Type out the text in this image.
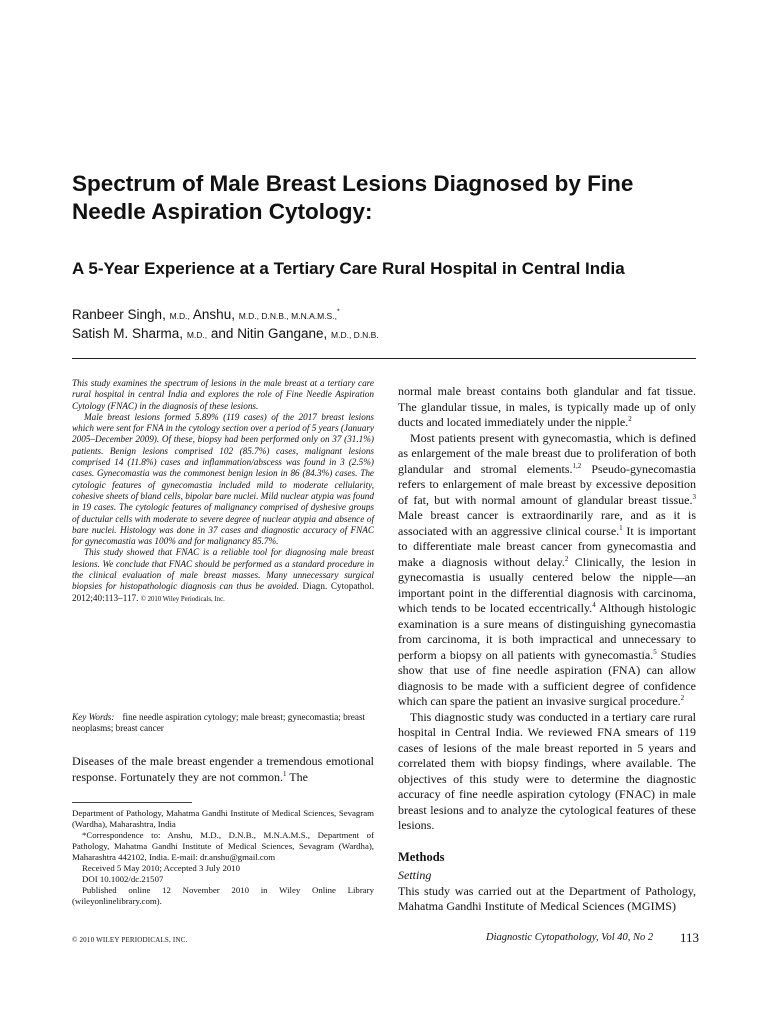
Spectrum of Male Breast Lesions Diagnosed by Fine Needle Aspiration Cytology:
A 5-Year Experience at a Tertiary Care Rural Hospital in Central India
Ranbeer Singh, M.D., Anshu, M.D., D.N.B., M.N.A.M.S.,*
Satish M. Sharma, M.D., and Nitin Gangane, M.D., D.N.B.

This study examines the spectrum of lesions in the male breast at a tertiary care rural hospital in central India and explores the role of Fine Needle Aspiration Cytology (FNAC) in the diagnosis of these lesions.

Male breast lesions formed 5.89% (119 cases) of the 2017 breast lesions which were sent for FNA in the cytology section over a period of 5 years (January 2005–December 2009). Of these, biopsy had been performed only on 37 (31.1%) patients. Benign lesions comprised 102 (85.7%) cases, malignant lesions comprised 14 (11.8%) cases and inflammation/abscess was found in 3 (2.5%) cases. Gynecomastia was the commonest benign lesion in 86 (84.3%) cases. The cytologic features of gynecomastia included mild to moderate cellularity, cohesive sheets of bland cells, bipolar bare nuclei. Mild nuclear atypia was found in 19 cases. The cytologic features of malignancy comprised of dyshesive groups of ductular cells with moderate to severe degree of nuclear atypia and absence of bare nuclei. Histology was done in 37 cases and diagnostic accuracy of FNAC for gynecomastia was 100% and for malignancy 85.7%.

This study showed that FNAC is a reliable tool for diagnosing male breast lesions. We conclude that FNAC should be performed as a standard procedure in the clinical evaluation of male breast masses. Many unnecessary surgical biopsies for histopathologic diagnosis can thus be avoided. Diagn. Cytopathol. 2012;40:113–117. © 2010 Wiley Periodicals, Inc.

Key Words: fine needle aspiration cytology; male breast; gynecomastia; breast neoplasms; breast cancer

Diseases of the male breast engender a tremendous emotional response. Fortunately they are not common.$^1$ The

Department of Pathology, Mahatma Gandhi Institute of Medical Sciences, Sevagram (Wardha), Maharashtra, India

*Correspondence to: Anshu, M.D., D.N.B., M.N.A.M.S., Department of Pathology, Mahatma Gandhi Institute of Medical Sciences, Sevagram (Wardha), Maharashtra 442102, India. E-mail: dr.anshu@gmail.com

Received 5 May 2010; Accepted 3 July 2010

DOI 10.1002/dc.21507

Published online 12 November 2010 in Wiley Online Library (wileyonlinelibrary.com).

normal male breast contains both glandular and fat tissue. The glandular tissue, in males, is typically made up of only ducts and located immediately under the nipple.$^2$

Most patients present with gynecomastia, which is defined as enlargement of the male breast due to proliferation of both glandular and stromal elements.$^{1,2}$ Pseudo-gynecomastia refers to enlargement of male breast by excessive deposition of fat, but with normal amount of glandular breast tissue.$^3$ Male breast cancer is extraordinarily rare, and as it is associated with an aggressive clinical course.$^1$ It is important to differentiate male breast cancer from gynecomastia and make a diagnosis without delay.$^2$ Clinically, the lesion in gynecomastia is usually centered below the nipple—an important point in the differential diagnosis with carcinoma, which tends to be located eccentrically.$^4$ Although histologic examination is a sure means of distinguishing gynecomastia from carcinoma, it is both impractical and unnecessary to perform a biopsy on all patients with gynecomastia.$^5$ Studies show that use of fine needle aspiration (FNA) can allow diagnosis to be made with a sufficient degree of confidence which can spare the patient an invasive surgical procedure.$^2$

This diagnostic study was conducted in a tertiary care rural hospital in Central India. We reviewed FNA smears of 119 cases of lesions of the male breast reported in 5 years and correlated them with biopsy findings, where available. The objectives of this study were to determine the diagnostic accuracy of fine needle aspiration cytology (FNAC) in male breast lesions and to analyze the cytological features of these lesions.

Methods

Setting

This study was carried out at the Department of Pathology, Mahatma Gandhi Institute of Medical Sciences (MGIMS)

© 2010 WILEY PERIODICALS, INC.	Diagnostic Cytopathology, Vol 40, No 2 113
